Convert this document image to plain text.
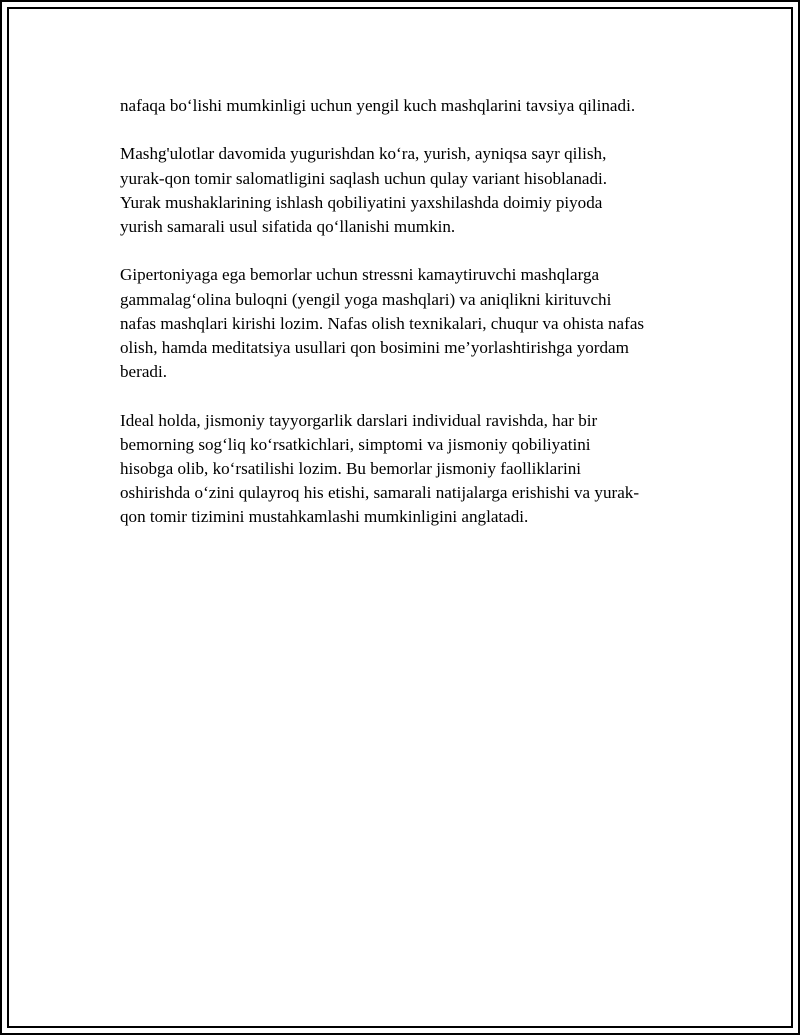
nafaqa bo‘lishi mumkinligi uchun yengil kuch mashqlarini tavsiya qilinadi.

Mashg'ulotlar davomida yugurishdan ko‘ra, yurish, ayniqsa sayr qilish,
yurak-qon tomir salomatligini saqlash uchun qulay variant hisoblanadi.
Yurak mushaklarining ishlash qobiliyatini yaxshilashda doimiy piyoda
yurish samarali usul sifatida qo‘llanishi mumkin.

Gipertoniyaga ega bemorlar uchun stressni kamaytiruvchi mashqlarga
gammalag‘olina buloqni (yengil yoga mashqlari) va aniqlikni kirituvchi
nafas mashqlari kirishi lozim. Nafas olish texnikalari, chuqur va ohista nafas
olish, hamda meditatsiya usullari qon bosimini me’yorlashtirishga yordam
beradi.

Ideal holda, jismoniy tayyorgarlik darslari individual ravishda, har bir
bemorning sog‘liq ko‘rsatkichlari, simptomi va jismoniy qobiliyatini
hisobga olib, ko‘rsatilishi lozim. Bu bemorlar jismoniy faolliklarini
oshirishda o‘zini qulayroq his etishi, samarali natijalarga erishishi va yurak-
qon tomir tizimini mustahkamlashi mumkinligini anglatadi.
